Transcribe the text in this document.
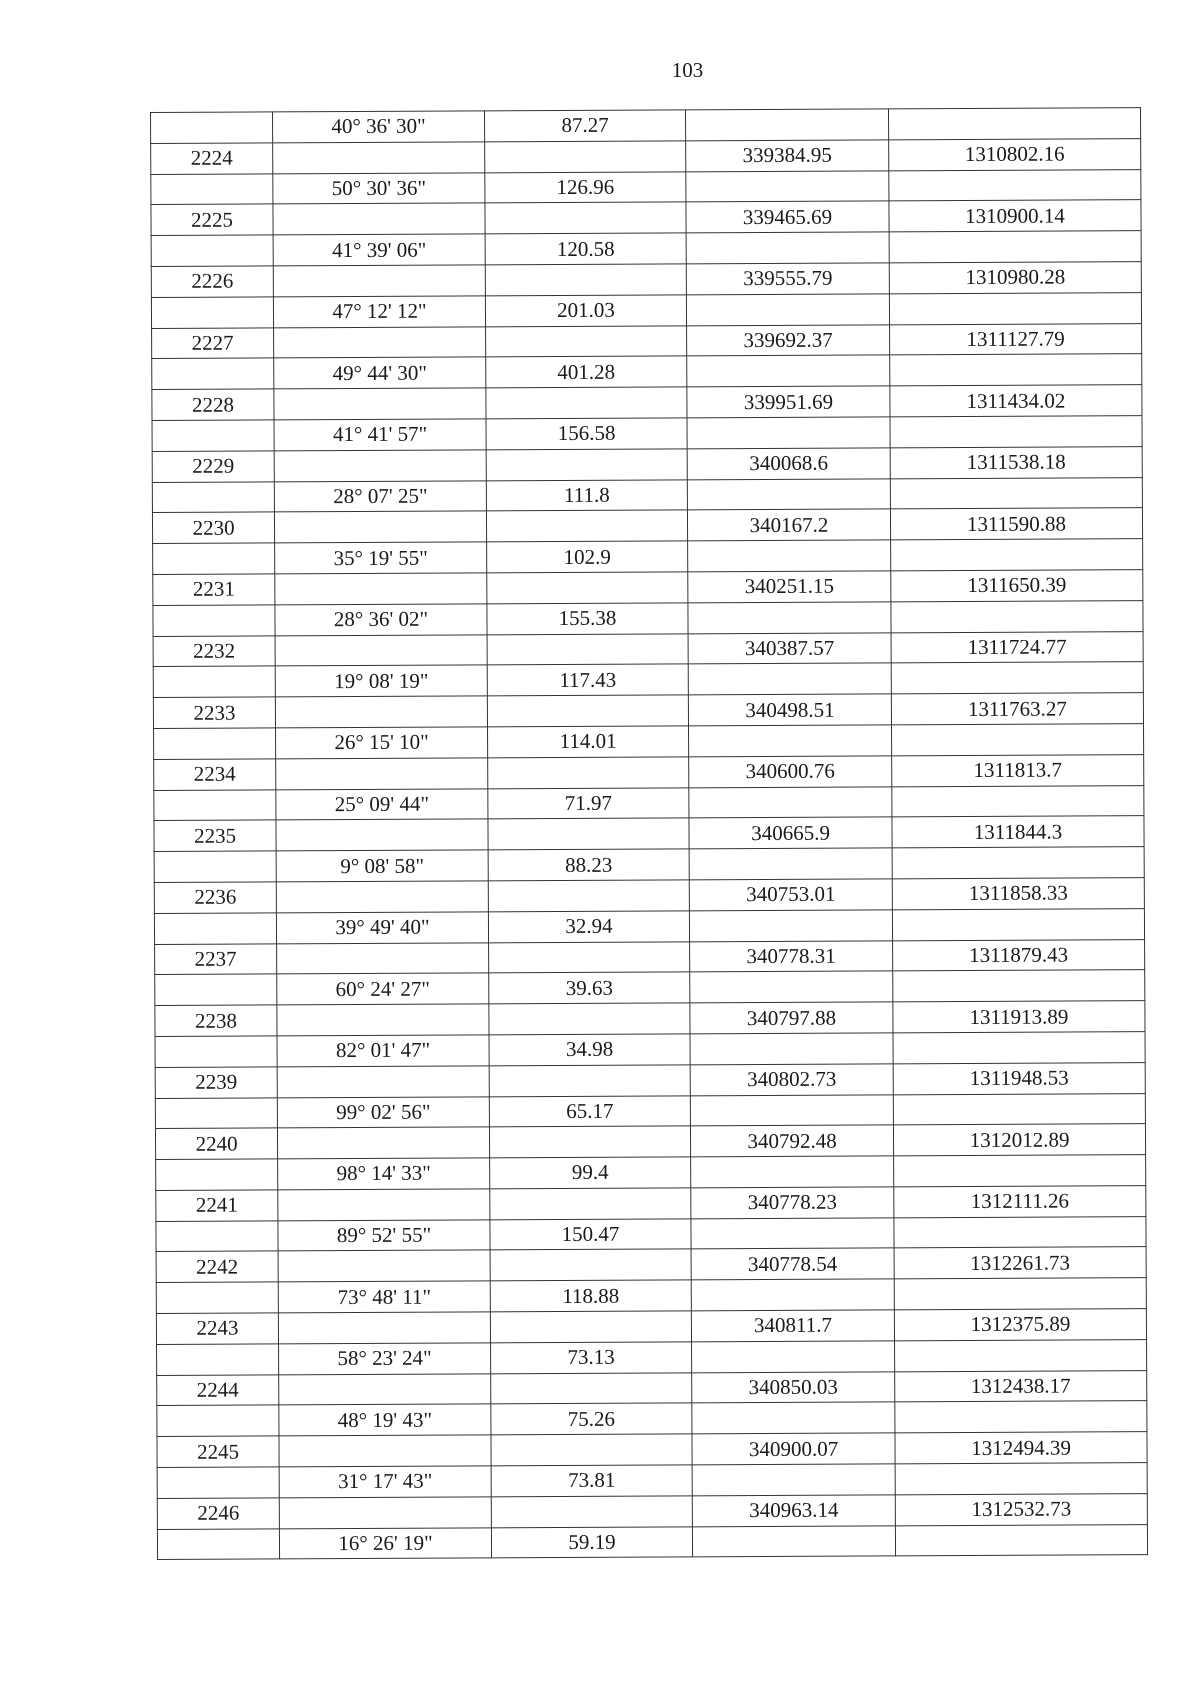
103
	40° 36' 30"	87.27		
2224			339384.95	1310802.16
	50° 30' 36"	126.96		
2225			339465.69	1310900.14
	41° 39' 06"	120.58		
2226			339555.79	1310980.28
	47° 12' 12"	201.03		
2227			339692.37	1311127.79
	49° 44' 30"	401.28		
2228			339951.69	1311434.02
	41° 41' 57"	156.58		
2229			340068.6	1311538.18
	28° 07' 25"	111.8		
2230			340167.2	1311590.88
	35° 19' 55"	102.9		
2231			340251.15	1311650.39
	28° 36' 02"	155.38		
2232			340387.57	1311724.77
	19° 08' 19"	117.43		
2233			340498.51	1311763.27
	26° 15' 10"	114.01		
2234			340600.76	1311813.7
	25° 09' 44"	71.97		
2235			340665.9	1311844.3
	9° 08' 58"	88.23		
2236			340753.01	1311858.33
	39° 49' 40"	32.94		
2237			340778.31	1311879.43
	60° 24' 27"	39.63		
2238			340797.88	1311913.89
	82° 01' 47"	34.98		
2239			340802.73	1311948.53
	99° 02' 56"	65.17		
2240			340792.48	1312012.89
	98° 14' 33"	99.4		
2241			340778.23	1312111.26
	89° 52' 55"	150.47		
2242			340778.54	1312261.73
	73° 48' 11"	118.88		
2243			340811.7	1312375.89
	58° 23' 24"	73.13		
2244			340850.03	1312438.17
	48° 19' 43"	75.26		
2245			340900.07	1312494.39
	31° 17' 43"	73.81		
2246			340963.14	1312532.73
	16° 26' 19"	59.19		
